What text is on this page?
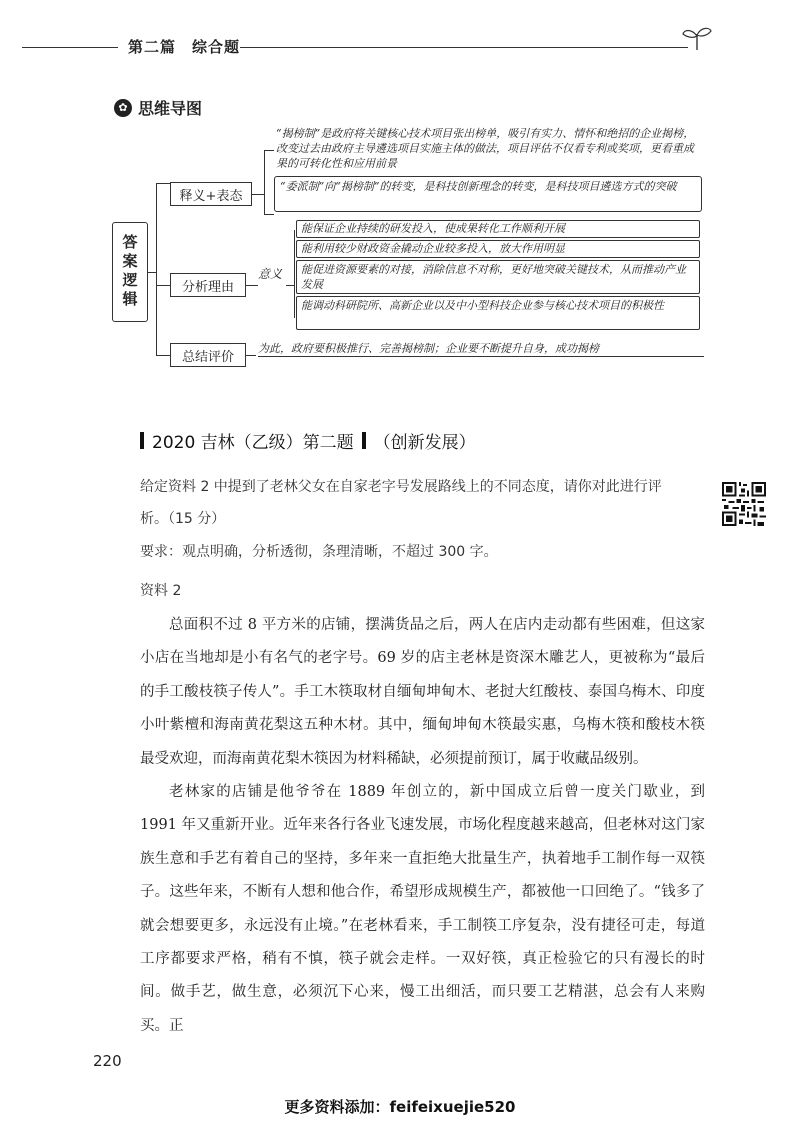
第二篇　综合题
✿ 思维导图
答案逻辑
释义+表态
“揭榜制”是政府将关键核心技术项目张出榜单，吸引有实力、情怀和绝招的企业揭榜，改变过去由政府主导遴选项目实施主体的做法，项目评估不仅看专利或奖项，更看重成果的可转化性和应用前景
“委派制”向“揭榜制”的转变，是科技创新理念的转变，是科技项目遴选方式的突破
分析理由
意义
能保证企业持续的研发投入，使成果转化工作顺利开展
能利用较少财政资金撬动企业较多投入，放大作用明显
能促进资源要素的对接，消除信息不对称，更好地突破关键技术，从而推动产业发展
能调动科研院所、高新企业以及中小型科技企业参与核心技术项目的积极性
总结评价
为此，政府要积极推行、完善揭榜制；企业要不断提升自身，成功揭榜
2020 吉林（乙级）第二题 （创新发展）
给定资料 2 中提到了老林父女在自家老字号发展路线上的不同态度，请你对此进行评
析。（15 分）
要求：观点明确，分析透彻，条理清晰，不超过 300 字。
资料 2

总面积不过 8 平方米的店铺，摆满货品之后，两人在店内走动都有些困难，但这家小店在当地却是小有名气的老字号。69 岁的店主老林是资深木雕艺人，更被称为“最后的手工酸枝筷子传人”。手工木筷取材自缅甸坤甸木、老挝大红酸枝、泰国乌梅木、印度小叶紫檀和海南黄花梨这五种木材。其中，缅甸坤甸木筷最实惠，乌梅木筷和酸枝木筷最受欢迎，而海南黄花梨木筷因为材料稀缺，必须提前预订，属于收藏品级别。

老林家的店铺是他爷爷在 1889 年创立的，新中国成立后曾一度关门歇业，到 1991 年又重新开业。近年来各行各业飞速发展，市场化程度越来越高，但老林对这门家族生意和手艺有着自己的坚持，多年来一直拒绝大批量生产，执着地手工制作每一双筷子。这些年来，不断有人想和他合作，希望形成规模生产，都被他一口回绝了。“钱多了就会想要更多，永远没有止境。”在老林看来，手工制筷工序复杂，没有捷径可走，每道工序都要求严格，稍有不慎，筷子就会走样。一双好筷，真正检验它的只有漫长的时间。做手艺，做生意，必须沉下心来，慢工出细活，而只要工艺精湛，总会有人来购买。正

220
更多资料添加：feifeixuejie520
